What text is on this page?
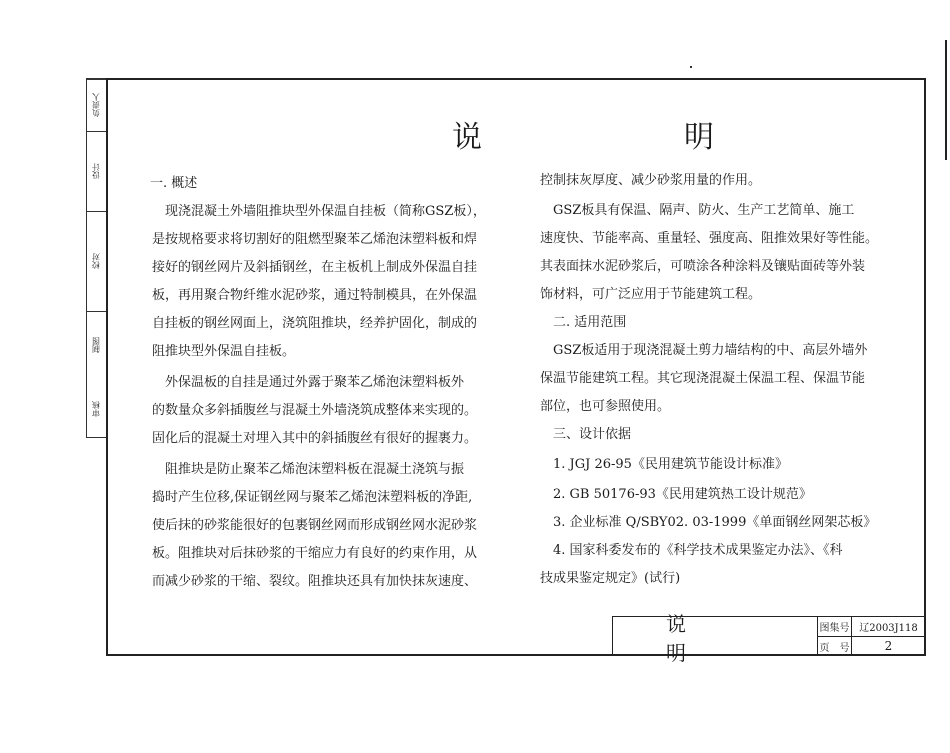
负责人
设计
校对
制图
审核
说　明
一. 概述
　现浇混凝土外墙阻推块型外保温自挂板（简称GSZ板），
是按规格要求将切割好的阻燃型聚苯乙烯泡沫塑料板和焊
接好的钢丝网片及斜插钢丝，在主板机上制成外保温自挂
板，再用聚合物纤维水泥砂浆，通过特制模具，在外保温
自挂板的钢丝网面上，浇筑阻推块，经养护固化，制成的
阻推块型外保温自挂板。
　外保温板的自挂是通过外露于聚苯乙烯泡沫塑料板外
的数量众多斜插腹丝与混凝土外墙浇筑成整体来实现的。
固化后的混凝土对埋入其中的斜插腹丝有很好的握裹力。
　阻推块是防止聚苯乙烯泡沫塑料板在混凝土浇筑与振
捣时产生位移,保证钢丝网与聚苯乙烯泡沫塑料板的净距,
使后抹的砂浆能很好的包裹钢丝网而形成钢丝网水泥砂浆
板。阻推块对后抹砂浆的干缩应力有良好的约束作用，从
而减少砂浆的干缩、裂纹。阻推块还具有加快抹灰速度、
控制抹灰厚度、减少砂浆用量的作用。
　GSZ板具有保温、隔声、防火、生产工艺简单、施工
速度快、节能率高、重量轻、强度高、阻推效果好等性能。
其表面抹水泥砂浆后，可喷涂各种涂料及镶贴面砖等外装
饰材料，可广泛应用于节能建筑工程。
　二. 适用范围
　GSZ板适用于现浇混凝土剪力墙结构的中、高层外墙外
保温节能建筑工程。其它现浇混凝土保温工程、保温节能
部位，也可参照使用。
　三、设计依据
　1. JGJ 26-95《民用建筑节能设计标准》
　2. GB 50176-93《民用建筑热工设计规范》
　3. 企业标准 Q/SBY02. 03-1999《单面钢丝网架芯板》
　4. 国家科委发布的《科学技术成果鉴定办法》、《科
技成果鉴定规定》(试行)
说　明
图集号 辽2003J118
页　号	2
